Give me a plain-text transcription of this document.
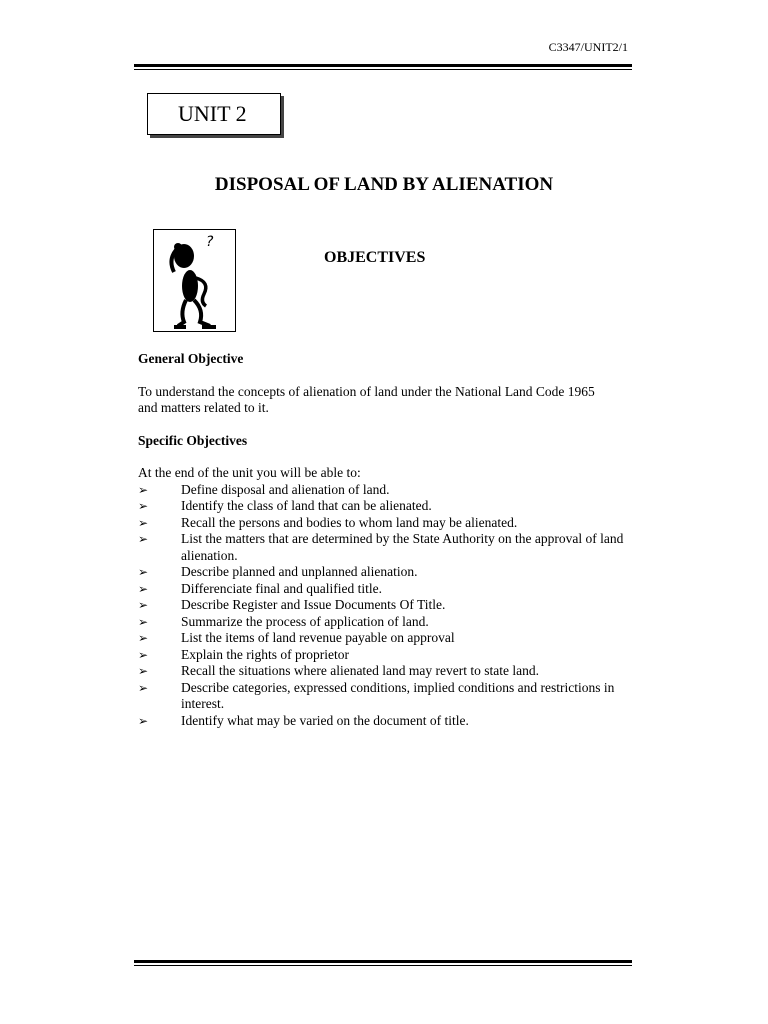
C3347/UNIT2/1
UNIT 2
DISPOSAL OF LAND BY ALIENATION
?
OBJECTIVES

General Objective

To understand the concepts of alienation of land under the National Land Code 1965

and matters related to it.

Specific Objectives

At the end of the unit you will be able to:

➢ Define disposal and alienation of land.
➢ Identify the class of land that can be alienated.
➢ Recall the persons and bodies to whom land may be alienated.
➢ List the matters that are determined by the State Authority on the approval of land alienation.
➢ Describe planned and unplanned alienation.
➢ Differenciate final and qualified title.
➢ Describe Register and Issue Documents Of Title.
➢ Summarize the process of application of land.
➢ List the items of land revenue payable on approval
➢ Explain the rights of proprietor
➢ Recall the situations where alienated land may revert to state land.
➢ Describe categories, expressed conditions, implied conditions and restrictions in interest.
➢ Identify what may be varied on the document of title.
